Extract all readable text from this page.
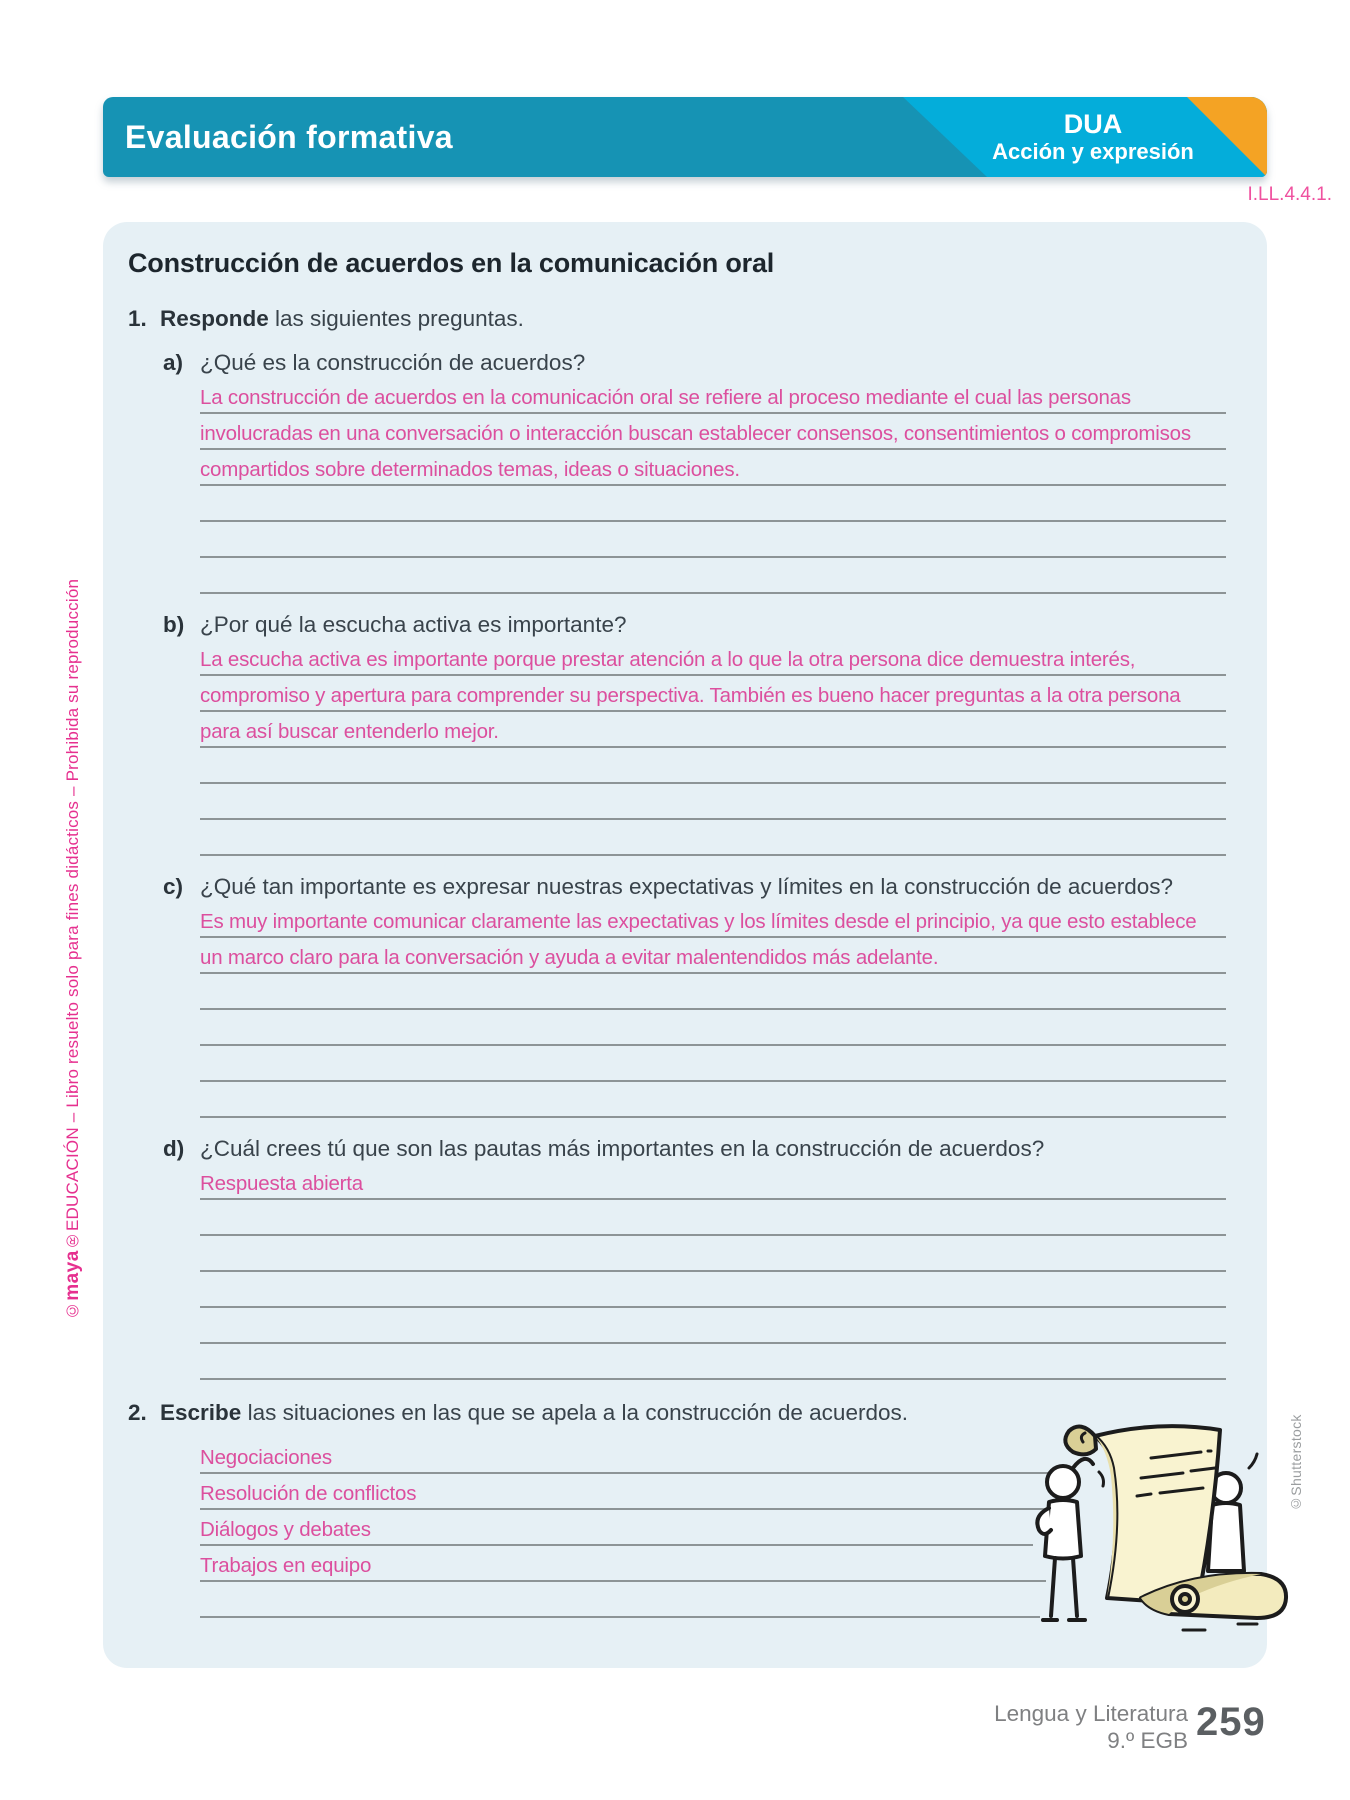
©maya®EDUCACIÓN – Libro resuelto solo para fines didácticos – Prohibida su reproducción
Evaluación formativa	DUA
Acción y expresión
I.LL.4.4.1.
Construcción de acuerdos en la comunicación oral
1. Responde las siguientes preguntas.
a) ¿Qué es la construcción de acuerdos?
La construcción de acuerdos en la comunicación oral se refiere al proceso mediante el cual las personas
involucradas en una conversación o interacción buscan establecer consensos, consentimientos o compromisos
compartidos sobre determinados temas, ideas o situaciones.
b) ¿Por qué la escucha activa es importante?
La escucha activa es importante porque prestar atención a lo que la otra persona dice demuestra interés,
compromiso y apertura para comprender su perspectiva. También es bueno hacer preguntas a la otra persona
para así buscar entenderlo mejor.
c) ¿Qué tan importante es expresar nuestras expectativas y límites en la construcción de acuerdos?
Es muy importante comunicar claramente las expectativas y los límites desde el principio, ya que esto establece
un marco claro para la conversación y ayuda a evitar malentendidos más adelante.
d) ¿Cuál crees tú que son las pautas más importantes en la construcción de acuerdos?
Respuesta abierta
2. Escribe las situaciones en las que se apela a la construcción de acuerdos.
Negociaciones
Resolución de conflictos
Diálogos y debates
Trabajos en equipo
©Shutterstock
Lengua y Literatura
9.º EGB 259
